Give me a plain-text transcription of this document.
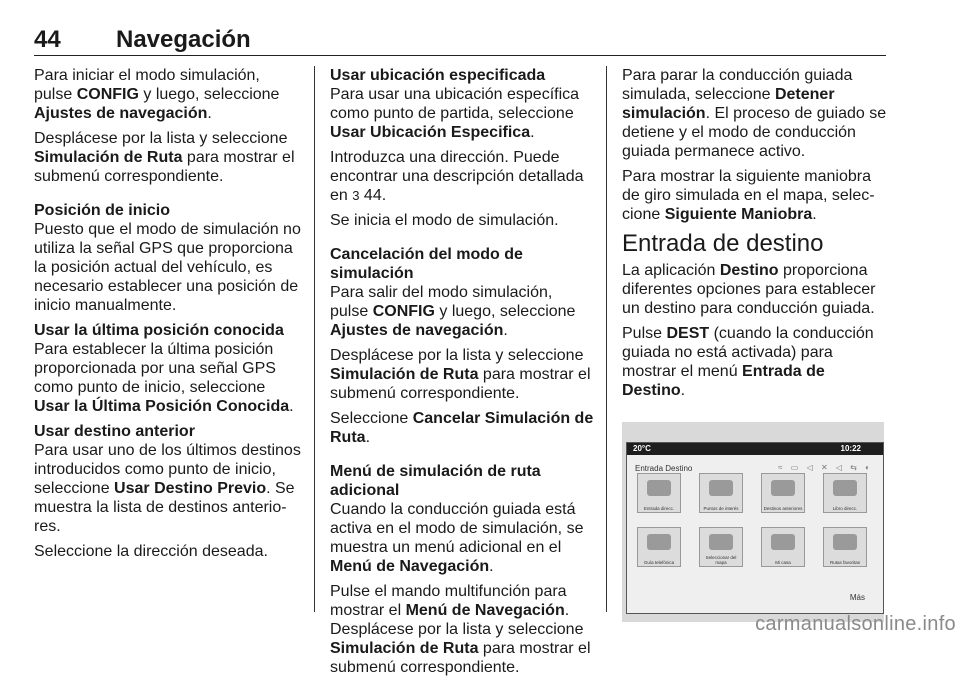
44 Navegación

Para iniciar el modo simulación, pulse CONFIG y luego, seleccione Ajustes de navegación.

Desplácese por la lista y seleccione Simulación de Ruta para mostrar el submenú correspondiente.

Posición de inicio

Puesto que el modo de simulación no utiliza la señal GPS que proporciona la posición actual del vehículo, es necesario establecer una posición de inicio manualmente.

Usar la última posición conocida

Para establecer la última posición proporcionada por una señal GPS como punto de inicio, seleccione Usar la Última Posición Conocida.

Usar destino anterior

Para usar uno de los últimos destinos introducidos como punto de inicio, seleccione Usar Destino Previo. Se muestra la lista de destinos anterio-res.

Seleccione la dirección deseada.

Usar ubicación especificada

Para usar una ubicación específica como punto de partida, seleccione Usar Ubicación Especifica.

Introduzca una dirección. Puede encontrar una descripción detallada en 3 44.

Se inicia el modo de simulación.

Cancelación del modo de simulación

Para salir del modo simulación, pulse CONFIG y luego, seleccione Ajustes de navegación.

Desplácese por la lista y seleccione Simulación de Ruta para mostrar el submenú correspondiente.

Seleccione Cancelar Simulación de Ruta.

Menú de simulación de ruta adicional

Cuando la conducción guiada está activa en el modo de simulación, se muestra un menú adicional en el Menú de Navegación.

Pulse el mando multifunción para mostrar el Menú de Navegación. Desplácese por la lista y seleccione Simulación de Ruta para mostrar el submenú correspondiente.

Para parar la conducción guiada simulada, seleccione Detener simulación. El proceso de guiado se detiene y el modo de conducción guiada permanece activo.

Para mostrar la siguiente maniobra de giro simulada en el mapa, selec-cione Siguiente Maniobra.

Entrada de destino

La aplicación Destino proporciona diferentes opciones para establecer un destino para conducción guiada.

Pulse DEST (cuando la conducción guiada no está activada) para mostrar el menú Entrada de Destino.

20°C	10:22
Entrada Destino	≈ ▭ ◁ ✕ ◁ ⇆ ◐
Entrada direcc.	Puntos de interés	Destinos anteriores	Libro direcc.
Guía telefónica
Seleccionar del mapa	Mi casa	Rutas favoritas
Más
carmanualsonline.info
